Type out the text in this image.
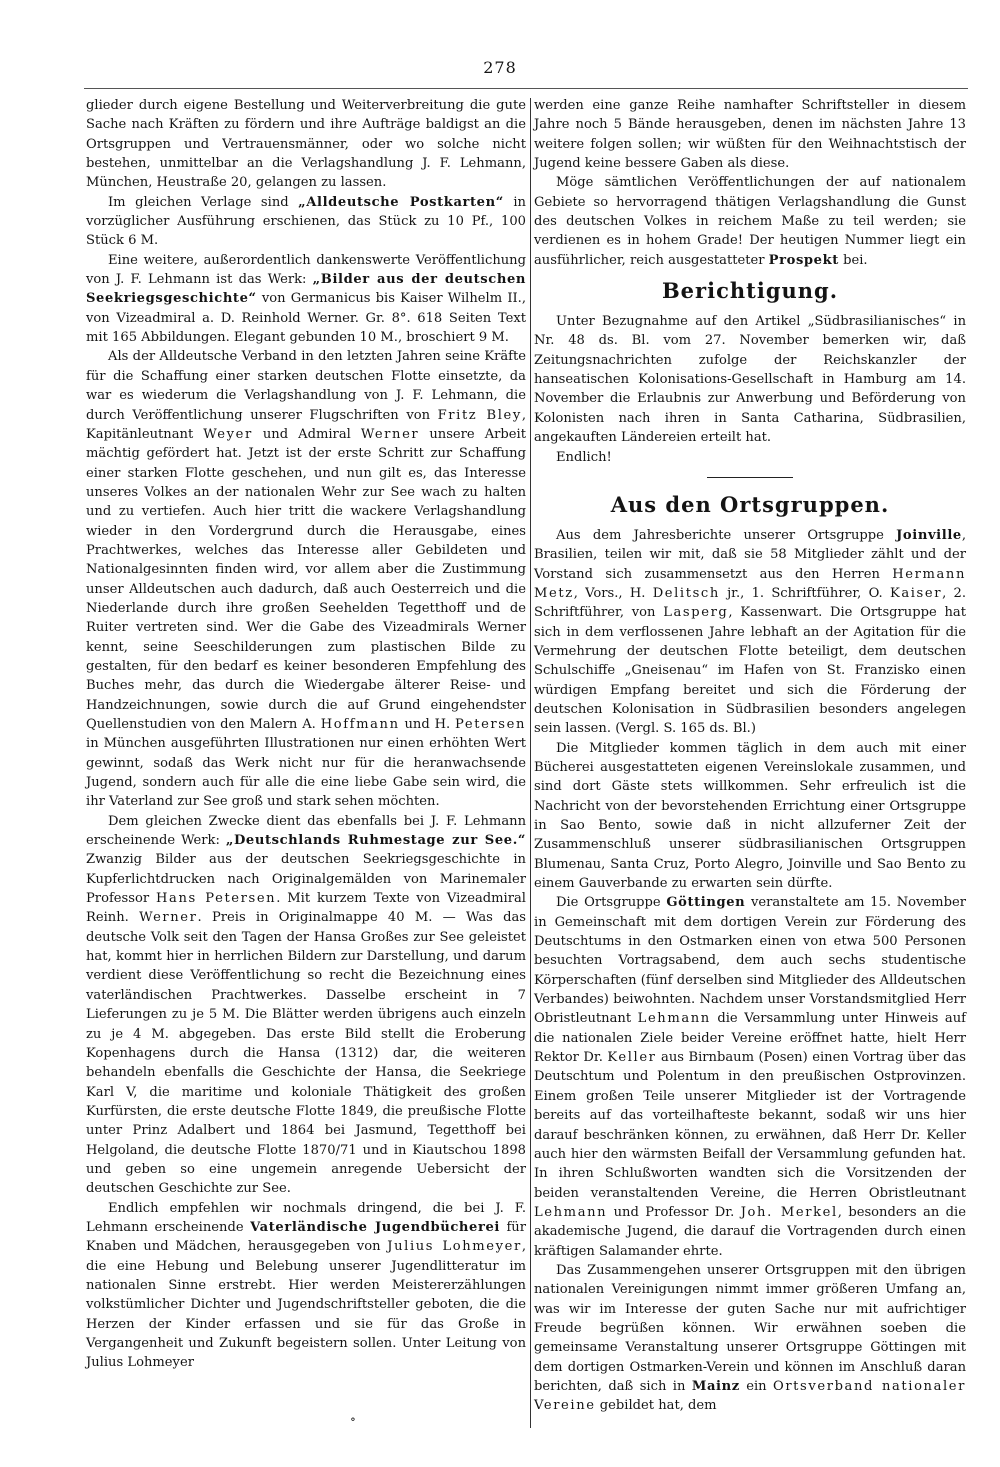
278

glieder durch eigene Bestellung und Weiterverbreitung die gute Sache nach Kräften zu fördern und ihre Aufträge baldigst an die Ortsgruppen und Vertrauensmänner, oder wo solche nicht bestehen, unmittelbar an die Verlagshandlung J. F. Lehmann, München, Heustraße 20, gelangen zu lassen.

Im gleichen Verlage sind „Alldeutsche Postkarten“ in vorzüglicher Ausführung erschienen, das Stück zu 10 Pf., 100 Stück 6 M.

Eine weitere, außerordentlich dankenswerte Veröffentlichung von J. F. Lehmann ist das Werk: „Bilder aus der deutschen Seekriegsgeschichte“ von Germanicus bis Kaiser Wilhelm II., von Vizeadmiral a. D. Reinhold Werner. Gr. 8°. 618 Seiten Text mit 165 Abbildungen. Elegant gebunden 10 M., broschiert 9 M.

Als der Alldeutsche Verband in den letzten Jahren seine Kräfte für die Schaffung einer starken deutschen Flotte einsetzte, da war es wiederum die Verlagshandlung von J. F. Lehmann, die durch Veröffentlichung unserer Flugschriften von Fritz Bley, Kapitänleutnant Weyer und Admiral Werner unsere Arbeit mächtig gefördert hat. Jetzt ist der erste Schritt zur Schaffung einer starken Flotte geschehen, und nun gilt es, das Interesse unseres Volkes an der nationalen Wehr zur See wach zu halten und zu vertiefen. Auch hier tritt die wackere Verlagshandlung wieder in den Vordergrund durch die Herausgabe, eines Prachtwerkes, welches das Interesse aller Gebildeten und Nationalgesinnten finden wird, vor allem aber die Zustimmung unser Alldeutschen auch dadurch, daß auch Oesterreich und die Niederlande durch ihre großen Seehelden Tegetthoff und de Ruiter vertreten sind. Wer die Gabe des Vizeadmirals Werner kennt, seine Seeschilderungen zum plastischen Bilde zu gestalten, für den bedarf es keiner besonderen Empfehlung des Buches mehr, das durch die Wiedergabe älterer Reise- und Handzeichnungen, sowie durch die auf Grund eingehendster Quellenstudien von den Malern A. Hoffmann und H. Petersen in München ausgeführten Illustrationen nur einen erhöhten Wert gewinnt, sodaß das Werk nicht nur für die heranwachsende Jugend, sondern auch für alle die eine liebe Gabe sein wird, die ihr Vaterland zur See groß und stark sehen möchten.

Dem gleichen Zwecke dient das ebenfalls bei J. F. Lehmann erscheinende Werk: „Deutschlands Ruhmestage zur See.“ Zwanzig Bilder aus der deutschen Seekriegsgeschichte in Kupferlichtdrucken nach Originalgemälden von Marinemaler Professor Hans Petersen. Mit kurzem Texte von Vizeadmiral Reinh. Werner. Preis in Originalmappe 40 M. — Was das deutsche Volk seit den Tagen der Hansa Großes zur See geleistet hat, kommt hier in herrlichen Bildern zur Darstellung, und darum verdient diese Veröffentlichung so recht die Bezeichnung eines vaterländischen Prachtwerkes. Dasselbe erscheint in 7 Lieferungen zu je 5 M. Die Blätter werden übrigens auch einzeln zu je 4 M. abgegeben. Das erste Bild stellt die Eroberung Kopenhagens durch die Hansa (1312) dar, die weiteren behandeln ebenfalls die Geschichte der Hansa, die Seekriege Karl V, die maritime und koloniale Thätigkeit des großen Kurfürsten, die erste deutsche Flotte 1849, die preußische Flotte unter Prinz Adalbert und 1864 bei Jasmund, Tegetthoff bei Helgoland, die deutsche Flotte 1870/71 und in Kiautschou 1898 und geben so eine ungemein anregende Uebersicht der deutschen Geschichte zur See.

Endlich empfehlen wir nochmals dringend, die bei J. F. Lehmann erscheinende Vaterländische Jugendbücherei für Knaben und Mädchen, herausgegeben von Julius Lohmeyer, die eine Hebung und Belebung unserer Jugendlitteratur im nationalen Sinne erstrebt. Hier werden Meistererzählungen volkstümlicher Dichter und Jugendschriftsteller geboten, die die Herzen der Kinder erfassen und sie für das Große in Vergangenheit und Zukunft begeistern sollen. Unter Leitung von Julius Lohmeyer

werden eine ganze Reihe namhafter Schriftsteller in diesem Jahre noch 5 Bände herausgeben, denen im nächsten Jahre 13 weitere folgen sollen; wir wüßten für den Weihnachtstisch der Jugend keine bessere Gaben als diese.

Möge sämtlichen Veröffentlichungen der auf nationalem Gebiete so hervorragend thätigen Verlagshandlung die Gunst des deutschen Volkes in reichem Maße zu teil werden; sie verdienen es in hohem Grade! Der heutigen Nummer liegt ein ausführlicher, reich ausgestatteter Prospekt bei.

Berichtigung.

Unter Bezugnahme auf den Artikel „Südbrasilianisches“ in Nr. 48 ds. Bl. vom 27. November bemerken wir, daß Zeitungsnachrichten zufolge der Reichskanzler der hanseatischen Kolonisations-Gesellschaft in Hamburg am 14. November die Erlaubnis zur Anwerbung und Beförderung von Kolonisten nach ihren in Santa Catharina, Südbrasilien, angekauften Ländereien erteilt hat.

Endlich!

Aus den Ortsgruppen.

Aus dem Jahresberichte unserer Ortsgruppe Joinville, Brasilien, teilen wir mit, daß sie 58 Mitglieder zählt und der Vorstand sich zusammensetzt aus den Herren Hermann Metz, Vors., H. Delitsch jr., 1. Schriftführer, O. Kaiser, 2. Schriftführer, von Lasperg, Kassenwart. Die Ortsgruppe hat sich in dem verflossenen Jahre lebhaft an der Agitation für die Vermehrung der deutschen Flotte beteiligt, dem deutschen Schulschiffe „Gneisenau“ im Hafen von St. Franzisko einen würdigen Empfang bereitet und sich die Förderung der deutschen Kolonisation in Südbrasilien besonders angelegen sein lassen. (Vergl. S. 165 ds. Bl.)

Die Mitglieder kommen täglich in dem auch mit einer Bücherei ausgestatteten eigenen Vereinslokale zusammen, und sind dort Gäste stets willkommen. Sehr erfreulich ist die Nachricht von der bevorstehenden Errichtung einer Ortsgruppe in Sao Bento, sowie daß in nicht allzuferner Zeit der Zusammenschluß unserer südbrasilianischen Ortsgruppen Blumenau, Santa Cruz, Porto Alegro, Joinville und Sao Bento zu einem Gauverbande zu erwarten sein dürfte.

Die Ortsgruppe Göttingen veranstaltete am 15. November in Gemeinschaft mit dem dortigen Verein zur Förderung des Deutschtums in den Ostmarken einen von etwa 500 Personen besuchten Vortragsabend, dem auch sechs studentische Körperschaften (fünf derselben sind Mitglieder des Alldeutschen Verbandes) beiwohnten. Nachdem unser Vorstandsmitglied Herr Obristleutnant Lehmann die Versammlung unter Hinweis auf die nationalen Ziele beider Vereine eröffnet hatte, hielt Herr Rektor Dr. Keller aus Birnbaum (Posen) einen Vortrag über das Deutschtum und Polentum in den preußischen Ostprovinzen. Einem großen Teile unserer Mitglieder ist der Vortragende bereits auf das vorteilhafteste bekannt, sodaß wir uns hier darauf beschränken können, zu erwähnen, daß Herr Dr. Keller auch hier den wärmsten Beifall der Versammlung gefunden hat. In ihren Schlußworten wandten sich die Vorsitzenden der beiden veranstaltenden Vereine, die Herren Obristleutnant Lehmann und Professor Dr. Joh. Merkel, besonders an die akademische Jugend, die darauf die Vortragenden durch einen kräftigen Salamander ehrte.

Das Zusammengehen unserer Ortsgruppen mit den übrigen nationalen Vereinigungen nimmt immer größeren Umfang an, was wir im Interesse der guten Sache nur mit aufrichtiger Freude begrüßen können. Wir erwähnen soeben die gemeinsame Veranstaltung unserer Ortsgruppe Göttingen mit dem dortigen Ostmarken-Verein und können im Anschluß daran berichten, daß sich in Mainz ein Ortsverband nationaler Vereine gebildet hat, dem

∘
